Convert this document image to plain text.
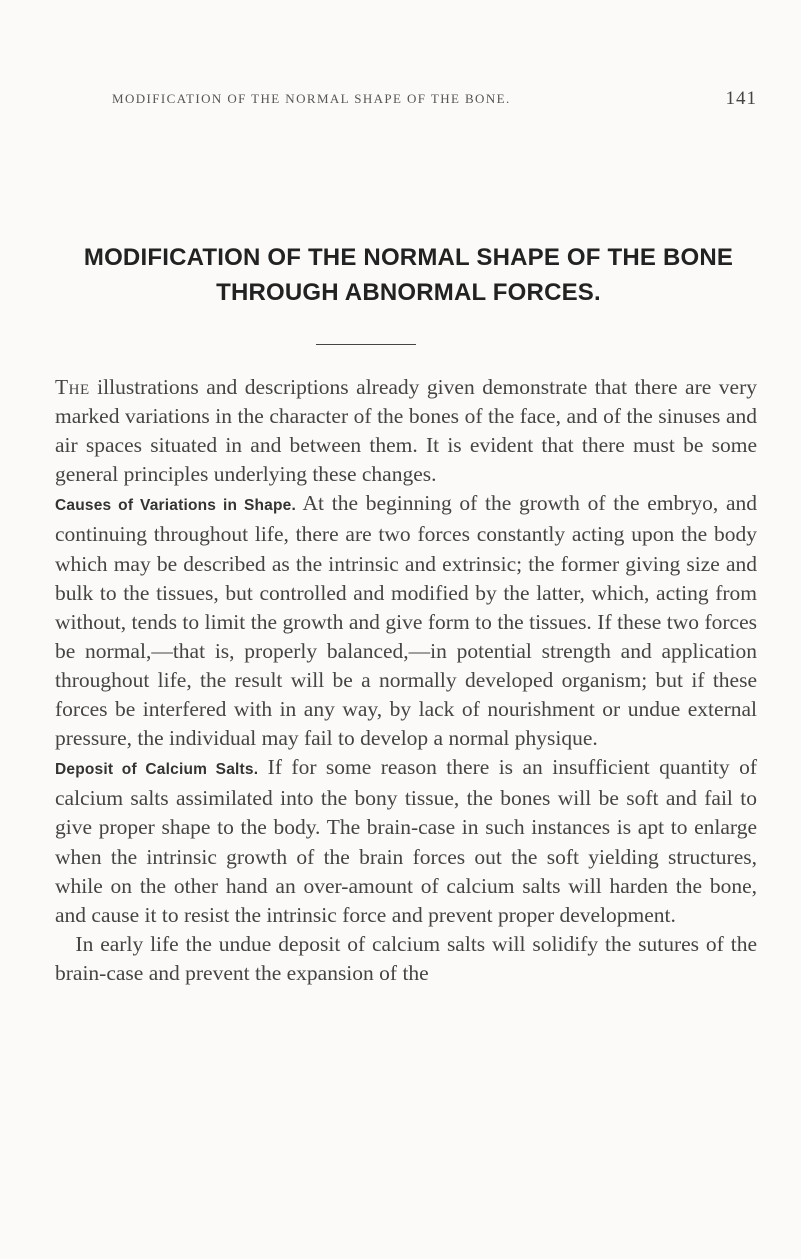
MODIFICATION OF THE NORMAL SHAPE OF THE BONE.	141
MODIFICATION OF THE NORMAL SHAPE OF THE BONE THROUGH ABNORMAL FORCES.

The illustrations and descriptions already given demonstrate that there are very marked variations in the character of the bones of the face, and of the sinuses and air spaces situated in and between them. It is evident that there must be some general principles underlying these changes.

Causes of Variations in Shape. At the beginning of the growth of the embryo, and continuing throughout life, there are two forces constantly acting upon the body which may be described as the intrinsic and extrinsic; the former giving size and bulk to the tissues, but controlled and modified by the latter, which, acting from without, tends to limit the growth and give form to the tissues. If these two forces be normal,—that is, properly balanced,—in potential strength and application throughout life, the result will be a normally developed organism; but if these forces be interfered with in any way, by lack of nourishment or undue external pressure, the individual may fail to develop a normal physique.

Deposit of Calcium Salts. If for some reason there is an insufficient quantity of calcium salts assimilated into the bony tissue, the bones will be soft and fail to give proper shape to the body. The brain-case in such instances is apt to enlarge when the intrinsic growth of the brain forces out the soft yielding structures, while on the other hand an over-amount of calcium salts will harden the bone, and cause it to resist the intrinsic force and prevent proper development.

In early life the undue deposit of calcium salts will solidify the sutures of the brain-case and prevent the expansion of the
